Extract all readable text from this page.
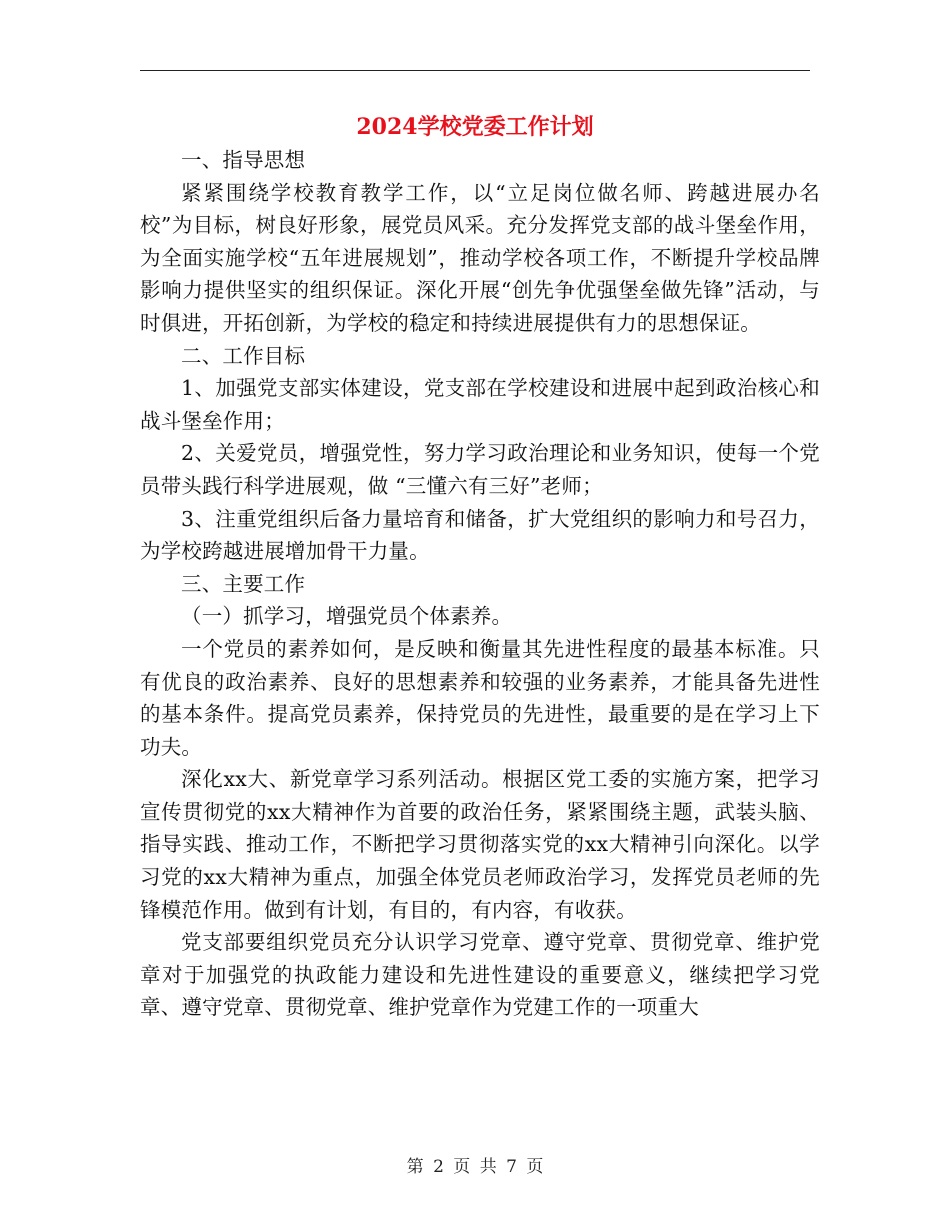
2024学校党委工作计划

一、指导思想

紧紧围绕学校教育教学工作，以“立足岗位做名师、跨越进展办名校”为目标，树良好形象，展党员风采。充分发挥党支部的战斗堡垒作用，为全面实施学校“五年进展规划”，推动学校各项工作，不断提升学校品牌影响力提供坚实的组织保证。深化开展“创先争优强堡垒做先锋”活动，与时俱进，开拓创新，为学校的稳定和持续进展提供有力的思想保证。

二、工作目标

1、加强党支部实体建设，党支部在学校建设和进展中起到政治核心和战斗堡垒作用；

2、关爱党员，增强党性，努力学习政治理论和业务知识，使每一个党员带头践行科学进展观，做 “三懂六有三好”老师；

3、注重党组织后备力量培育和储备，扩大党组织的影响力和号召力，为学校跨越进展增加骨干力量。

三、主要工作

（一）抓学习，增强党员个体素养。

一个党员的素养如何，是反映和衡量其先进性程度的最基本标准。只有优良的政治素养、良好的思想素养和较强的业务素养，才能具备先进性的基本条件。提高党员素养，保持党员的先进性，最重要的是在学习上下功夫。

深化xx大、新党章学习系列活动。根据区党工委的实施方案，把学习宣传贯彻党的xx大精神作为首要的政治任务，紧紧围绕主题，武装头脑、指导实践、推动工作，不断把学习贯彻落实党的xx大精神引向深化。以学习党的xx大精神为重点，加强全体党员老师政治学习，发挥党员老师的先锋模范作用。做到有计划，有目的，有内容，有收获。

党支部要组织党员充分认识学习党章、遵守党章、贯彻党章、维护党章对于加强党的执政能力建设和先进性建设的重要意义，继续把学习党章、遵守党章、贯彻党章、维护党章作为党建工作的一项重大

第 2 页 共 7 页
